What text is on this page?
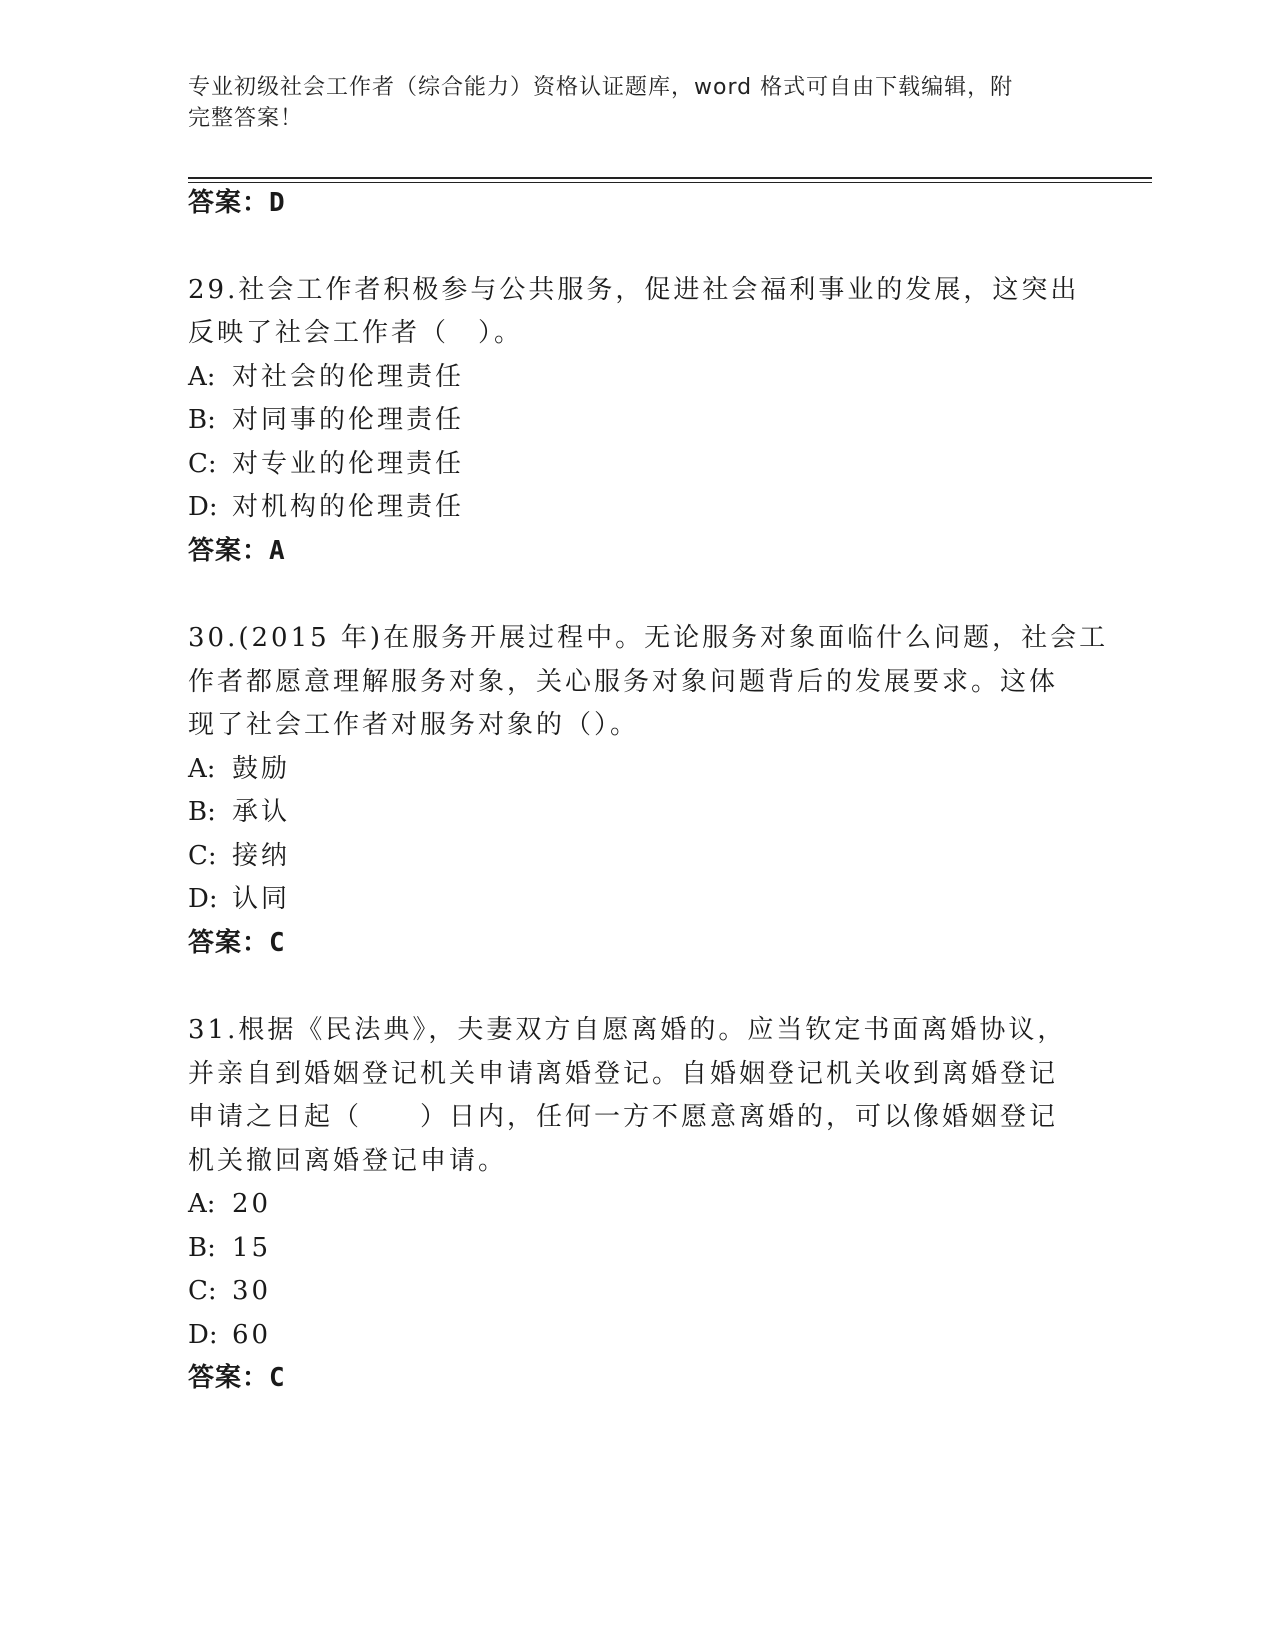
专业初级社会工作者（综合能力）资格认证题库，word 格式可自由下载编辑，附
完整答案！
答案：D
29.社会工作者积极参与公共服务，促进社会福利事业的发展，这突出
反映了社会工作者（　）。
A: 对社会的伦理责任
B: 对同事的伦理责任
C: 对专业的伦理责任
D: 对机构的伦理责任
答案：A
30.(2015 年)在服务开展过程中。无论服务对象面临什么问题，社会工
作者都愿意理解服务对象，关心服务对象问题背后的发展要求。这体
现了社会工作者对服务对象的（）。
A: 鼓励
B: 承认
C: 接纳
D: 认同
答案：C
31.根据《民法典》，夫妻双方自愿离婚的。应当钦定书面离婚协议，
并亲自到婚姻登记机关申请离婚登记。自婚姻登记机关收到离婚登记
申请之日起（　　）日内，任何一方不愿意离婚的，可以像婚姻登记
机关撤回离婚登记申请。
A: 20
B: 15
C: 30
D: 60
答案：C
